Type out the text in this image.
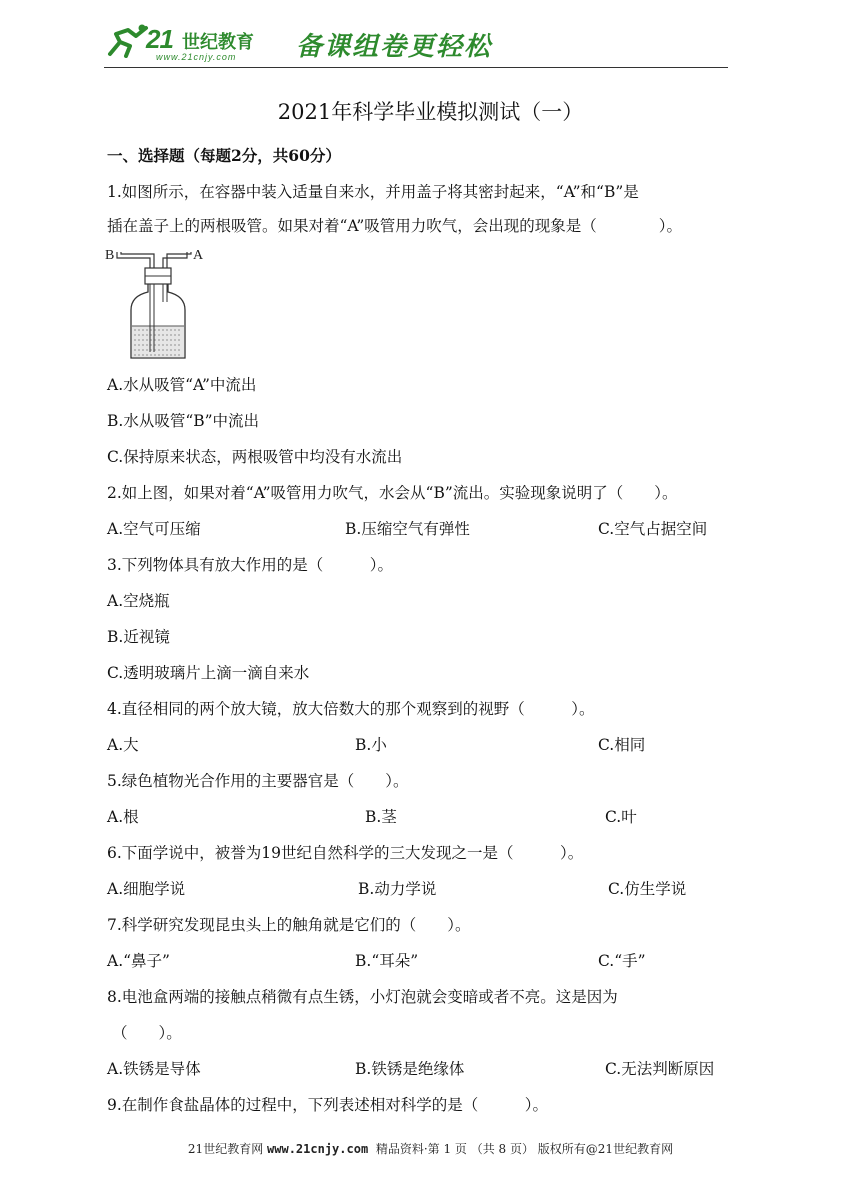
21 世纪教育
www.21cnjy.com 备课组卷更轻松
2021年科学毕业模拟测试（一）
一、选择题（每题2分，共60分）
1.如图所示，在容器中装入适量自来水，并用盖子将其密封起来，“A”和“B”是
插在盖子上的两根吸管。如果对着“A”吸管用力吹气，会出现的现象是（　　　　）。
B	A
A.水从吸管“A”中流出
B.水从吸管“B”中流出
C.保持原来状态，两根吸管中均没有水流出
2.如上图，如果对着“A”吸管用力吹气，水会从“B”流出。实验现象说明了（　　）。
A.空气可压缩	B.压缩空气有弹性	C.空气占据空间
3.下列物体具有放大作用的是（　　　）。
A.空烧瓶
B.近视镜
C.透明玻璃片上滴一滴自来水
4.直径相同的两个放大镜，放大倍数大的那个观察到的视野（　　　）。
A.大	B.小	C.相同
5.绿色植物光合作用的主要器官是（　　）。
A.根	B.茎	C.叶
6.下面学说中，被誉为19世纪自然科学的三大发现之一是（　　　）。
A.细胞学说	B.动力学说	C.仿生学说
7.科学研究发现昆虫头上的触角就是它们的（　　）。
A.“鼻子”	B.“耳朵”	C.“手”
8.电池盒两端的接触点稍微有点生锈，小灯泡就会变暗或者不亮。这是因为
（　　）。
A.铁锈是导体	B.铁锈是绝缘体	C.无法判断原因
9.在制作食盐晶体的过程中，下列表述相对科学的是（　　　）。
21世纪教育网 www.21cnjy.com 精品资料·第 1 页 （共 8 页） 版权所有@21世纪教育网
